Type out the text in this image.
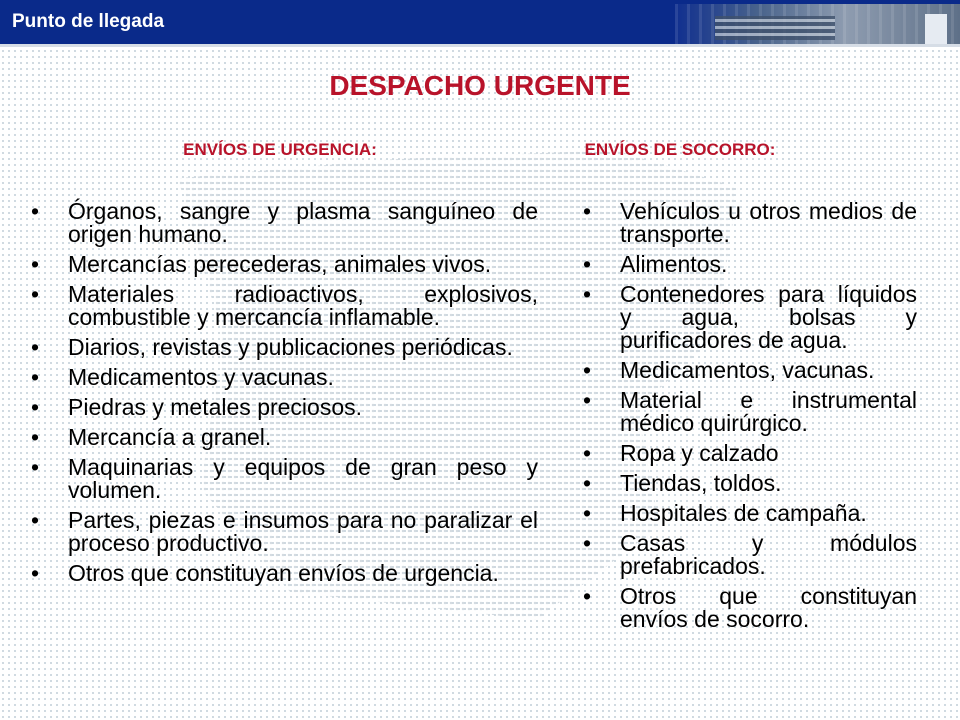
Punto de llegada
DESPACHO URGENTE
ENVÍOS DE URGENCIA:	ENVÍOS DE SOCORRO:
• Órganos, sangre y plasma sanguíneo de origen humano.
• Mercancías perecederas, animales vivos.
• Materiales radioactivos, explosivos, combustible y mercancía inflamable.
• Diarios, revistas y publicaciones periódicas.
• Medicamentos y vacunas.
• Piedras y metales preciosos.
• Mercancía a granel.
• Maquinarias y equipos de gran peso y volumen.
• Partes, piezas e insumos para no paralizar el proceso productivo.
• Otros que constituyan envíos de urgencia.
• Vehículos u otros medios de transporte.
• Alimentos.
• Contenedores para líquidos y agua, bolsas y purificadores de agua.
• Medicamentos, vacunas.
• Material e instrumental médico quirúrgico.
• Ropa y calzado
• Tiendas, toldos.
• Hospitales de campaña.
• Casas y módulos prefabricados.
• Otros que constituyan envíos de socorro.
